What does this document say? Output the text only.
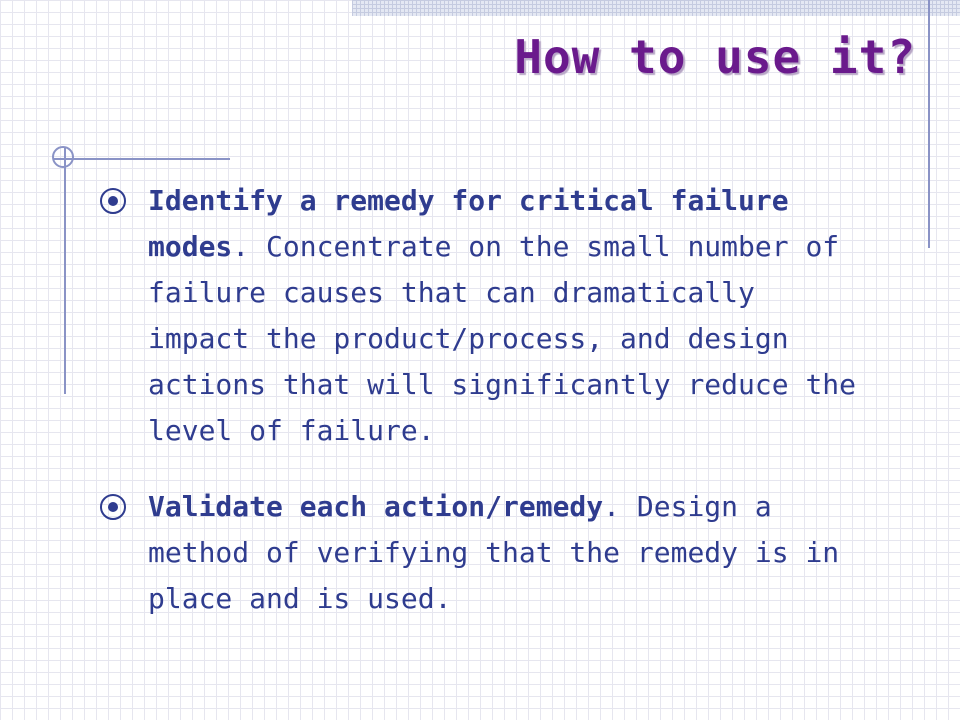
How to use it?

Identify a remedy for critical failure modes. Concentrate on the small number of failure causes that can dramatically impact the product/process, and design actions that will significantly reduce the level of failure.

Validate each action/remedy. Design a method of verifying that the remedy is in place and is used.
